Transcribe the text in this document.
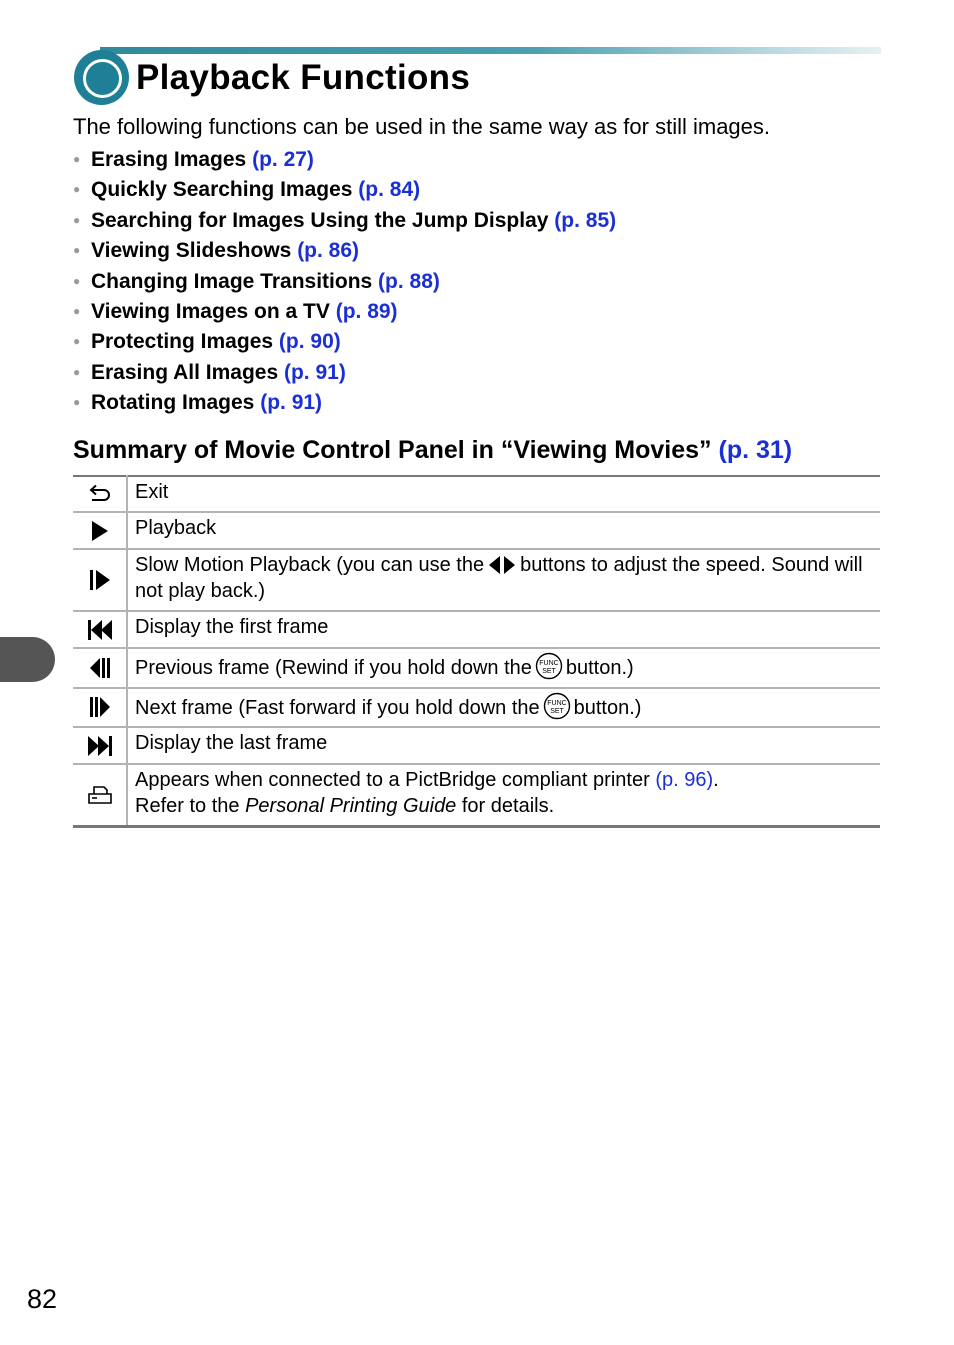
Playback Functions

The following functions can be used in the same way as for still images.

● Erasing Images (p. 27)
● Quickly Searching Images (p. 84)
● Searching for Images Using the Jump Display (p. 85)
● Viewing Slideshows (p. 86)
● Changing Image Transitions (p. 88)
● Viewing Images on a TV (p. 89)
● Protecting Images (p. 90)
● Erasing All Images (p. 91)
● Rotating Images (p. 91)
Summary of Movie Control Panel in “Viewing Movies” (p. 31)
	Exit

	Playback

	Slow Motion Playback (you can use the buttons to adjust the speed. Sound will not play back.)

	Display the first frame

	Previous frame (Rewind if you hold down the FUNC
SET button.)

	Next frame (Fast forward if you hold down the FUNC
SET button.)

	Display the last frame

	Appears when connected to a PictBridge compliant printer (p. 96).
Refer to the Personal Printing Guide for details.

82
